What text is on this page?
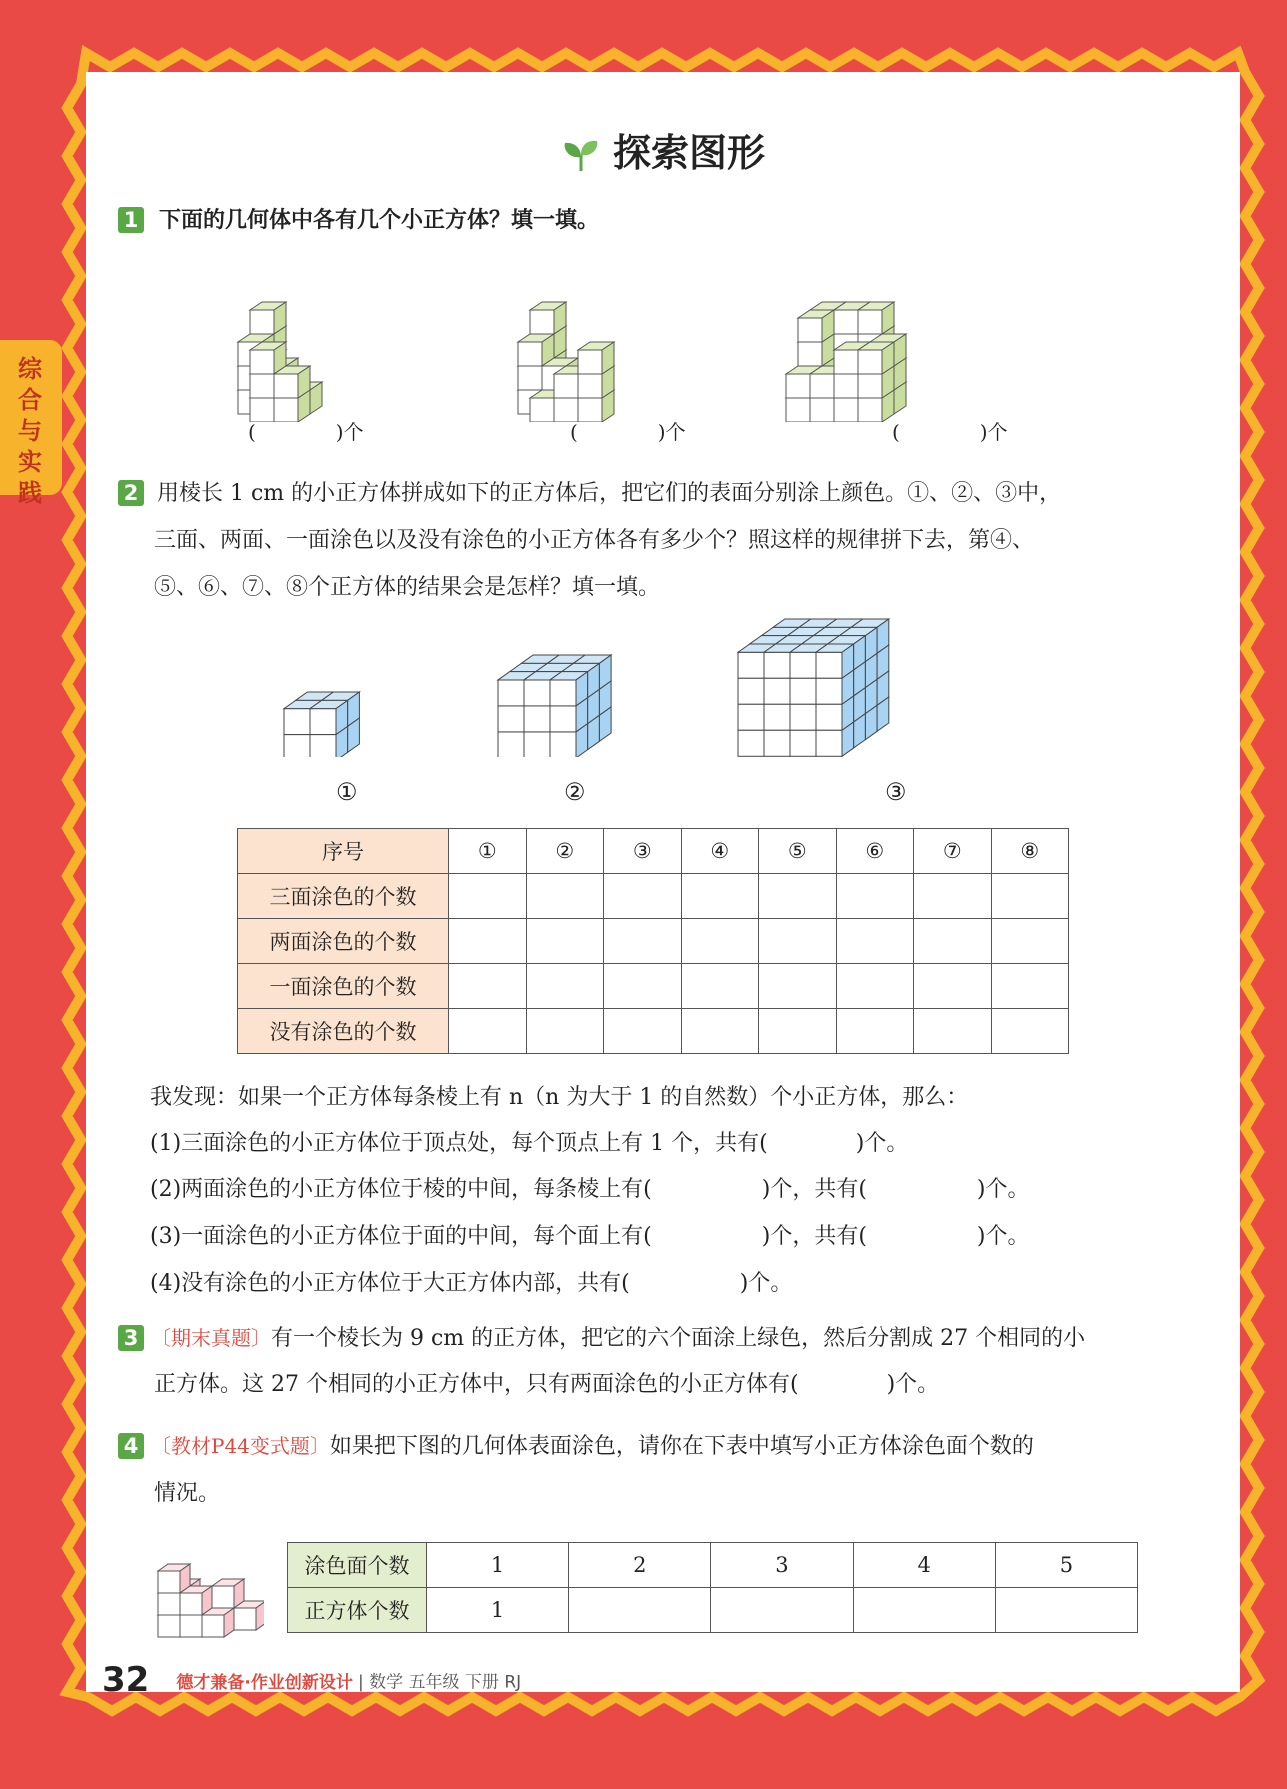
综合与实践
探索图形
1 下面的几何体中各有几个小正方体？填一填。
(　　　　)个	(　　　　)个	(　　　　)个
2 用棱长 1 cm 的小正方体拼成如下的正方体后，把它们的表面分别涂上颜色。①、②、③中，
三面、两面、一面涂色以及没有涂色的小正方体各有多少个？照这样的规律拼下去，第④、
⑤、⑥、⑦、⑧个正方体的结果会是怎样？填一填。
①	②	③
序号	①	②	③	④	⑤	⑥	⑦	⑧
三面涂色的个数								
两面涂色的个数								
一面涂色的个数								
没有涂色的个数								
我发现：如果一个正方体每条棱上有 n（n 为大于 1 的自然数）个小正方体，那么：
(1)三面涂色的小正方体位于顶点处，每个顶点上有 1 个，共有(　　　　)个。
(2)两面涂色的小正方体位于棱的中间，每条棱上有(　　　　　)个，共有(　　　　　)个。
(3)一面涂色的小正方体位于面的中间，每个面上有(　　　　　)个，共有(　　　　　)个。
(4)没有涂色的小正方体位于大正方体内部，共有(　　　　　)个。
3 〔期末真题〕有一个棱长为 9 cm 的正方体，把它的六个面涂上绿色，然后分割成 27 个相同的小
正方体。这 27 个相同的小正方体中，只有两面涂色的小正方体有(　　　　)个。
4 〔教材P44变式题〕如果把下图的几何体表面涂色，请你在下表中填写小正方体涂色面个数的
情况。
涂色面个数	1	2	3	4	5
正方体个数	1				
32 德才兼备·作业创新设计 | 数学 五年级 下册 RJ
